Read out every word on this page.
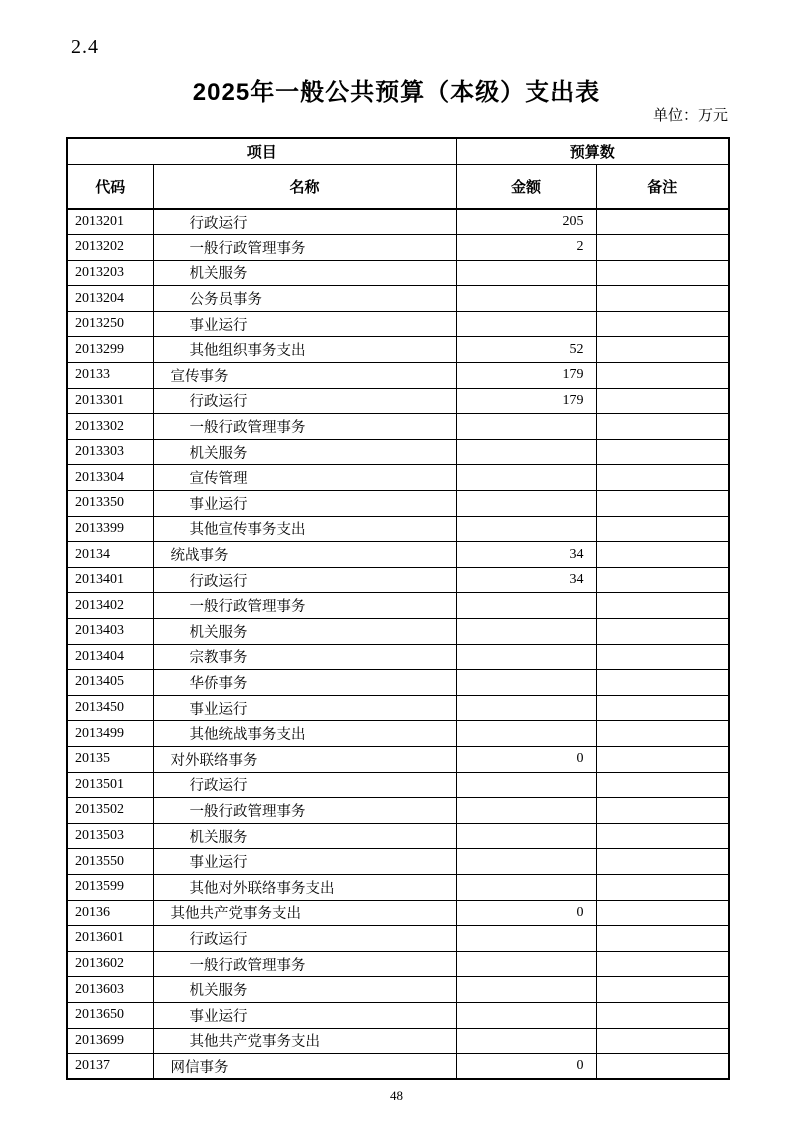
2.4
2025年一般公共预算（本级）支出表
单位：万元
项目		预算数	
代码	名称	金额	备注
2013201	行政运行	205	
2013202	一般行政管理事务	2	
2013203	机关服务		
2013204	公务员事务		
2013250	事业运行		
2013299	其他组织事务支出	52	
20133	宣传事务	179	
2013301	行政运行	179	
2013302	一般行政管理事务		
2013303	机关服务		
2013304	宣传管理		
2013350	事业运行		
2013399	其他宣传事务支出		
20134	统战事务	34	
2013401	行政运行	34	
2013402	一般行政管理事务		
2013403	机关服务		
2013404	宗教事务		
2013405	华侨事务		
2013450	事业运行		
2013499	其他统战事务支出		
20135	对外联络事务	0	
2013501	行政运行		
2013502	一般行政管理事务		
2013503	机关服务		
2013550	事业运行		
2013599	其他对外联络事务支出		
20136	其他共产党事务支出	0	
2013601	行政运行		
2013602	一般行政管理事务		
2013603	机关服务		
2013650	事业运行		
2013699	其他共产党事务支出		
20137	网信事务	0	
48
